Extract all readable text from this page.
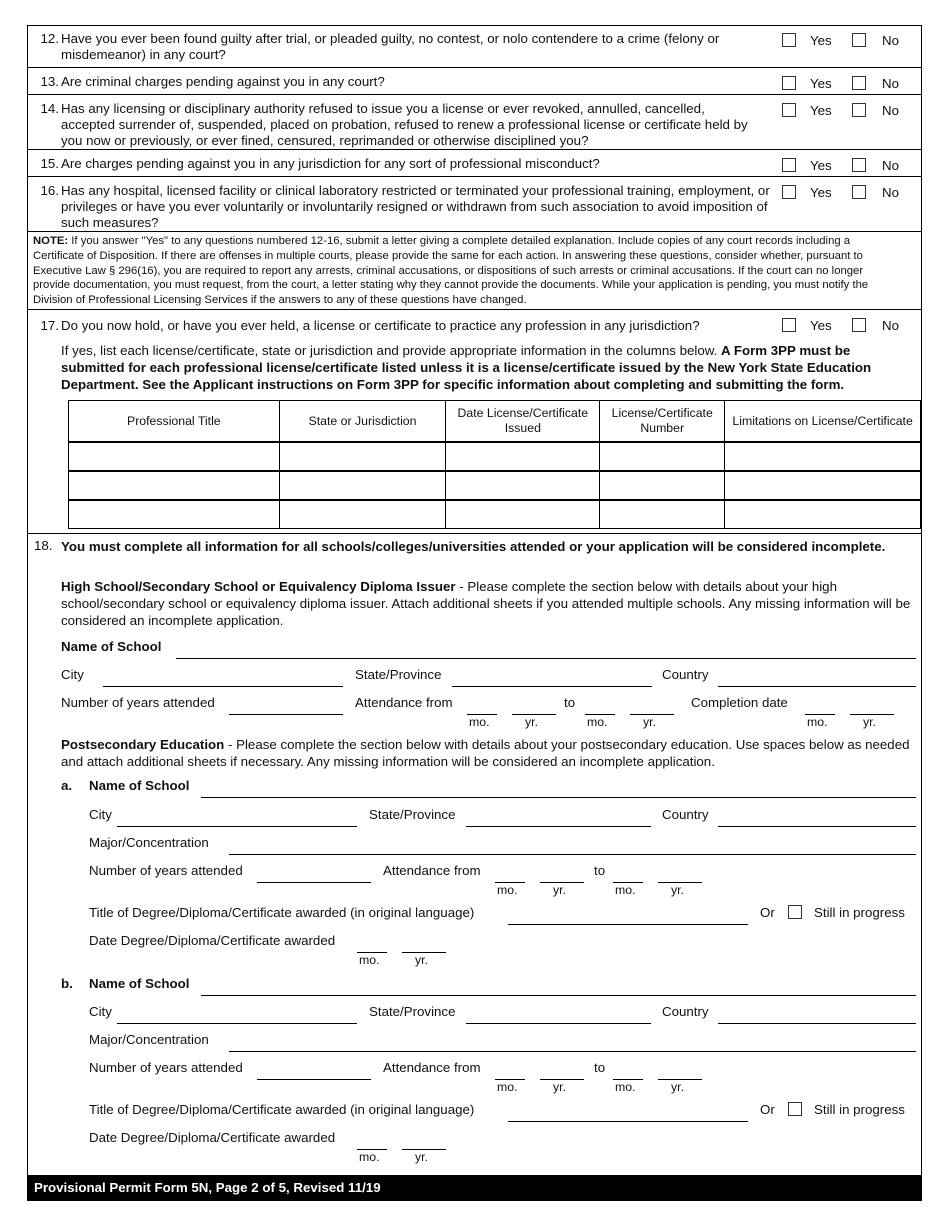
12. Have you ever been found guilty after trial, or pleaded guilty, no contest, or nolo contendere to a crime (felony or misdemeanor) in any court?
Yes	No
13. Are criminal charges pending against you in any court?	Yes	No
14. Has any licensing or disciplinary authority refused to issue you a license or ever revoked, annulled, cancelled, accepted surrender of, suspended, placed on probation, refused to renew a professional license or certificate held by you now or previously, or ever fined, censured, reprimanded or otherwise disciplined you?
Yes	No
15. Are charges pending against you in any jurisdiction for any sort of professional misconduct?	Yes	No
16. Has any hospital, licensed facility or clinical laboratory restricted or terminated your professional training, employment, or privileges or have you ever voluntarily or involuntarily resigned or withdrawn from such association to avoid imposition of such measures?
Yes	No
NOTE: If you answer "Yes" to any questions numbered 12-16, submit a letter giving a complete detailed explanation. Include copies of any court records including a Certificate of Disposition. If there are offenses in multiple courts, please provide the same for each action. In answering these questions, consider whether, pursuant to Executive Law § 296(16), you are required to report any arrests, criminal accusations, or dispositions of such arrests or criminal accusations. If the court can no longer provide documentation, you must request, from the court, a letter stating why they cannot provide the documents. While your application is pending, you must notify the Division of Professional Licensing Services if the answers to any of these questions have changed.
17. Do you now hold, or have you ever held, a license or certificate to practice any profession in any jurisdiction?	Yes	No
If yes, list each license/certificate, state or jurisdiction and provide appropriate information in the columns below. A Form 3PP must be submitted for each professional license/certificate listed unless it is a license/certificate issued by the New York State Education Department. See the Applicant instructions on Form 3PP for specific information about completing and submitting the form.
Professional Title	State or Jurisdiction	Date License/Certificate Issued	License/Certificate Number	Limitations on License/Certificate

18. You must complete all information for all schools/colleges/universities attended or your application will be considered incomplete.
High School/Secondary School or Equivalency Diploma Issuer - Please complete the section below with details about your high school/secondary school or equivalency diploma issuer. Attach additional sheets if you attended multiple schools. Any missing information will be considered an incomplete application.
Name of School
City	State/Province	Country
Number of years attended	Attendance from	to	Completion date
mo.	yr.	mo.	yr.	mo.	yr.
Postsecondary Education - Please complete the section below with details about your postsecondary education. Use spaces below as needed and attach additional sheets if necessary. Any missing information will be considered an incomplete application.
a. Name of School
City	State/Province	Country
Major/Concentration
Number of years attended	Attendance from	to
mo.	yr.	mo.	yr.
Title of Degree/Diploma/Certificate awarded (in original language)	Or	Still in progress
Date Degree/Diploma/Certificate awarded
mo.	yr.
b. Name of School
City	State/Province	Country
Major/Concentration
Number of years attended	Attendance from	to
mo.	yr.	mo.	yr.
Title of Degree/Diploma/Certificate awarded (in original language)	Or	Still in progress
Date Degree/Diploma/Certificate awarded
mo.	yr.
Provisional Permit Form 5N, Page 2 of 5, Revised 11/19
